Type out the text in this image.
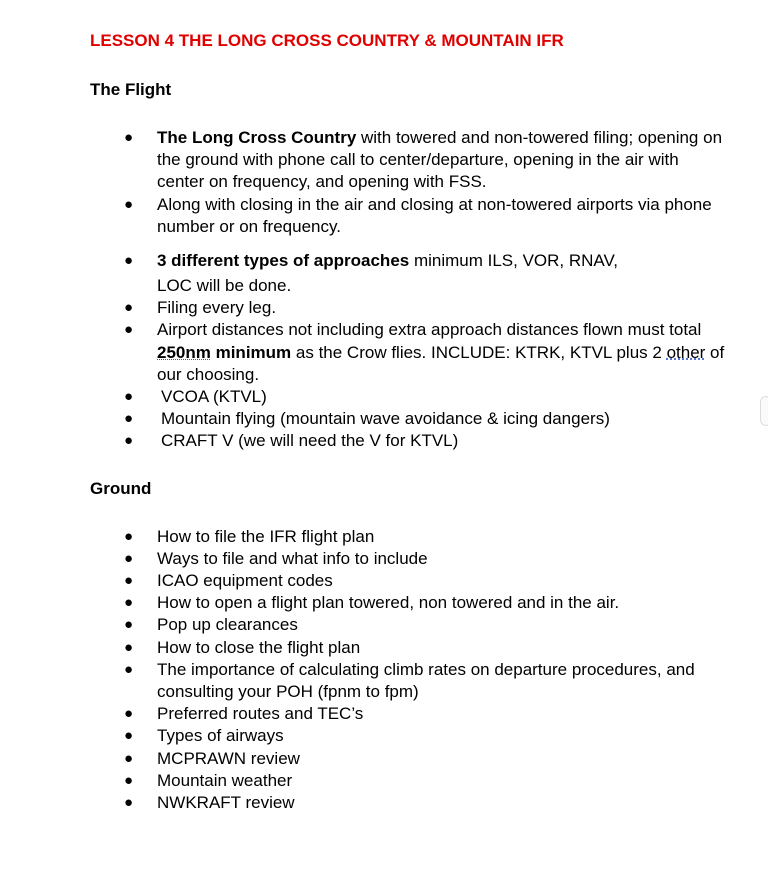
LESSON 4 THE LONG CROSS COUNTRY & MOUNTAIN IFR

The Flight

● The Long Cross Country with towered and non-towered filing; opening on the ground with phone call to center/departure, opening in the air with center on frequency, and opening with FSS.
● Along with closing in the air and closing at non-towered airports via phone number or on frequency.
● 3 different types of approaches minimum ILS, VOR, RNAV,
LOC will be done.
● Filing every leg.
● Airport distances not including extra approach distances flown must total 250nm minimum as the Crow flies. INCLUDE: KTRK, KTVL plus 2 other of our choosing.
● VCOA (KTVL)
● Mountain flying (mountain wave avoidance & icing dangers)
● CRAFT V (we will need the V for KTVL)

Ground

● How to file the IFR flight plan
● Ways to file and what info to include
● ICAO equipment codes
● How to open a flight plan towered, non towered and in the air.
● Pop up clearances
● How to close the flight plan
● The importance of calculating climb rates on departure procedures, and consulting your POH (fpnm to fpm)
● Preferred routes and TEC’s
● Types of airways
● MCPRAWN review
● Mountain weather
● NWKRAFT review
